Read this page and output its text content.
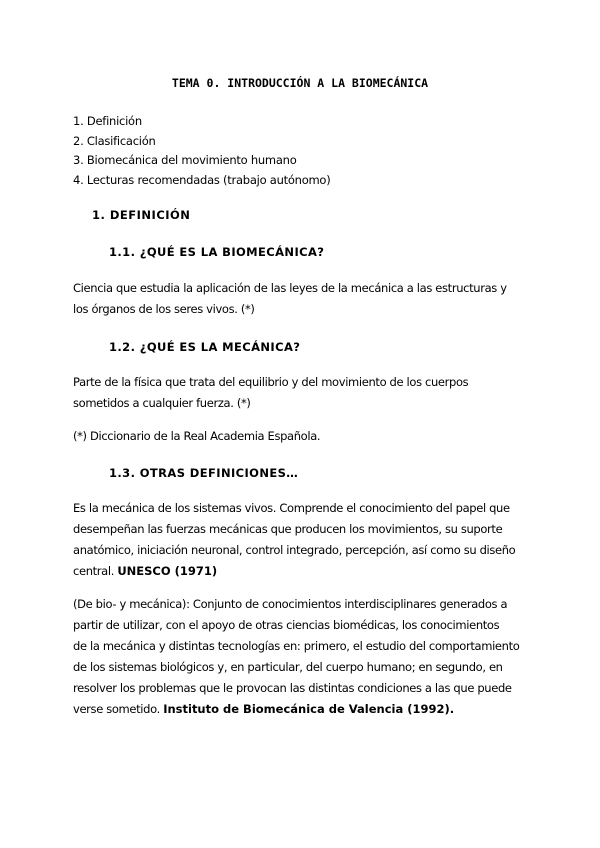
TEMA 0. INTRODUCCIÓN A LA BIOMECÁNICA
1. Definición
2. Clasificación
3. Biomecánica del movimiento humano
4. Lecturas recomendadas (trabajo autónomo)
1. DEFINICIÓN
1.1. ¿QUÉ ES LA BIOMECÁNICA?
Ciencia que estudia la aplicación de las leyes de la mecánica a las estructuras y
los órganos de los seres vivos. (*)
1.2. ¿QUÉ ES LA MECÁNICA?
Parte de la física que trata del equilibrio y del movimiento de los cuerpos
sometidos a cualquier fuerza. (*)
(*) Diccionario de la Real Academia Española.
1.3. OTRAS DEFINICIONES…
Es la mecánica de los sistemas vivos. Comprende el conocimiento del papel que
desempeñan las fuerzas mecánicas que producen los movimientos, su suporte
anatómico, iniciación neuronal, control integrado, percepción, así como su diseño
central. UNESCO (1971)
(De bio- y mecánica): Conjunto de conocimientos interdisciplinares generados a
partir de utilizar, con el apoyo de otras ciencias biomédicas, los conocimientos
de la mecánica y distintas tecnologías en: primero, el estudio del comportamiento
de los sistemas biológicos y, en particular, del cuerpo humano; en segundo, en
resolver los problemas que le provocan las distintas condiciones a las que puede
verse sometido. Instituto de Biomecánica de Valencia (1992).
